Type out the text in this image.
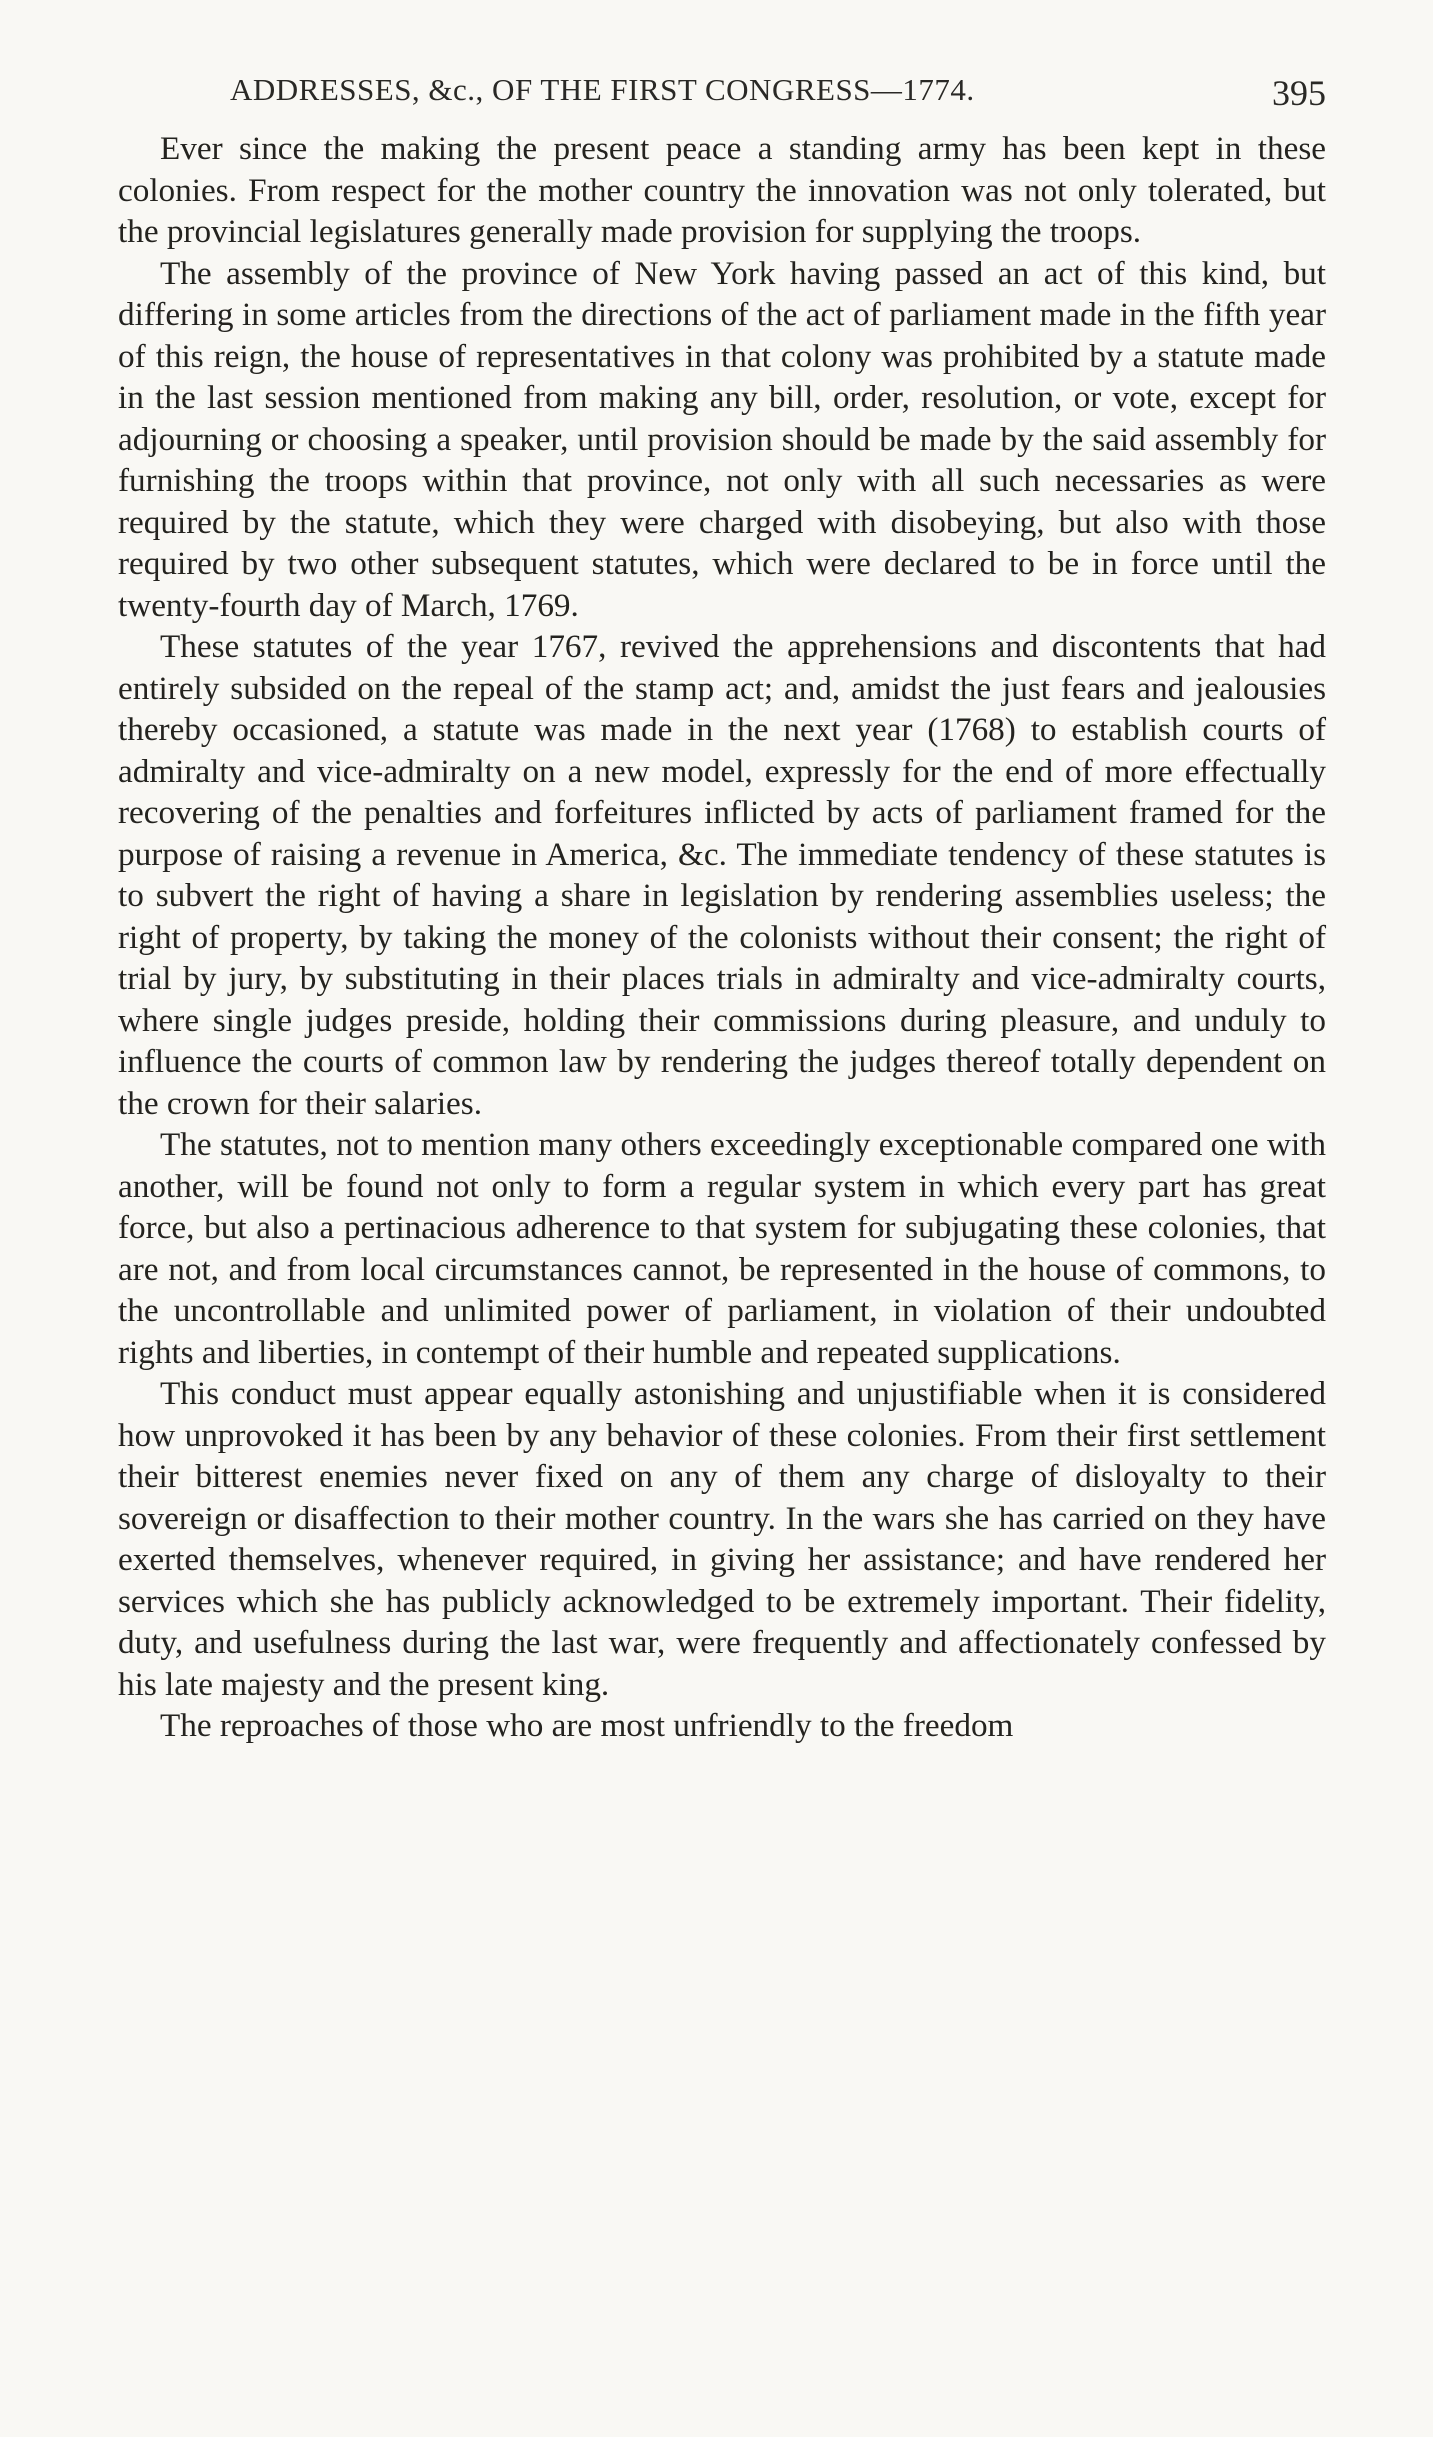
ADDRESSES, &c., OF THE FIRST CONGRESS—1774.	395

Ever since the making the present peace a standing army has been kept in these colonies. From respect for the mother country the innovation was not only tolerated, but the provincial legislatures generally made provision for supplying the troops.

The assembly of the province of New York having passed an act of this kind, but differing in some articles from the directions of the act of parliament made in the fifth year of this reign, the house of representatives in that colony was prohibited by a statute made in the last session mentioned from making any bill, order, resolution, or vote, except for adjourning or choosing a speaker, until provision should be made by the said assembly for furnishing the troops within that province, not only with all such necessaries as were required by the statute, which they were charged with disobeying, but also with those required by two other subsequent statutes, which were declared to be in force until the twenty-fourth day of March, 1769.

These statutes of the year 1767, revived the apprehensions and discontents that had entirely subsided on the repeal of the stamp act; and, amidst the just fears and jealousies thereby occasioned, a statute was made in the next year (1768) to establish courts of admiralty and vice-admiralty on a new model, expressly for the end of more effectually recovering of the penalties and forfeitures inflicted by acts of parliament framed for the purpose of raising a revenue in America, &c. The immediate tendency of these statutes is to subvert the right of having a share in legislation by rendering assemblies useless; the right of property, by taking the money of the colonists without their consent; the right of trial by jury, by substituting in their places trials in admiralty and vice-admiralty courts, where single judges preside, holding their commissions during pleasure, and unduly to influence the courts of common law by rendering the judges thereof totally dependent on the crown for their salaries.

The statutes, not to mention many others exceedingly exceptionable compared one with another, will be found not only to form a regular system in which every part has great force, but also a pertinacious adherence to that system for subjugating these colonies, that are not, and from local circumstances cannot, be represented in the house of commons, to the uncontrollable and unlimited power of parliament, in violation of their undoubted rights and liberties, in contempt of their humble and repeated supplications.

This conduct must appear equally astonishing and unjustifiable when it is considered how unprovoked it has been by any behavior of these colonies. From their first settlement their bitterest enemies never fixed on any of them any charge of disloyalty to their sovereign or disaffection to their mother country. In the wars she has carried on they have exerted themselves, whenever required, in giving her assistance; and have rendered her services which she has publicly acknowledged to be extremely important. Their fidelity, duty, and usefulness during the last war, were frequently and affectionately confessed by his late majesty and the present king.

The reproaches of those who are most unfriendly to the freedom
